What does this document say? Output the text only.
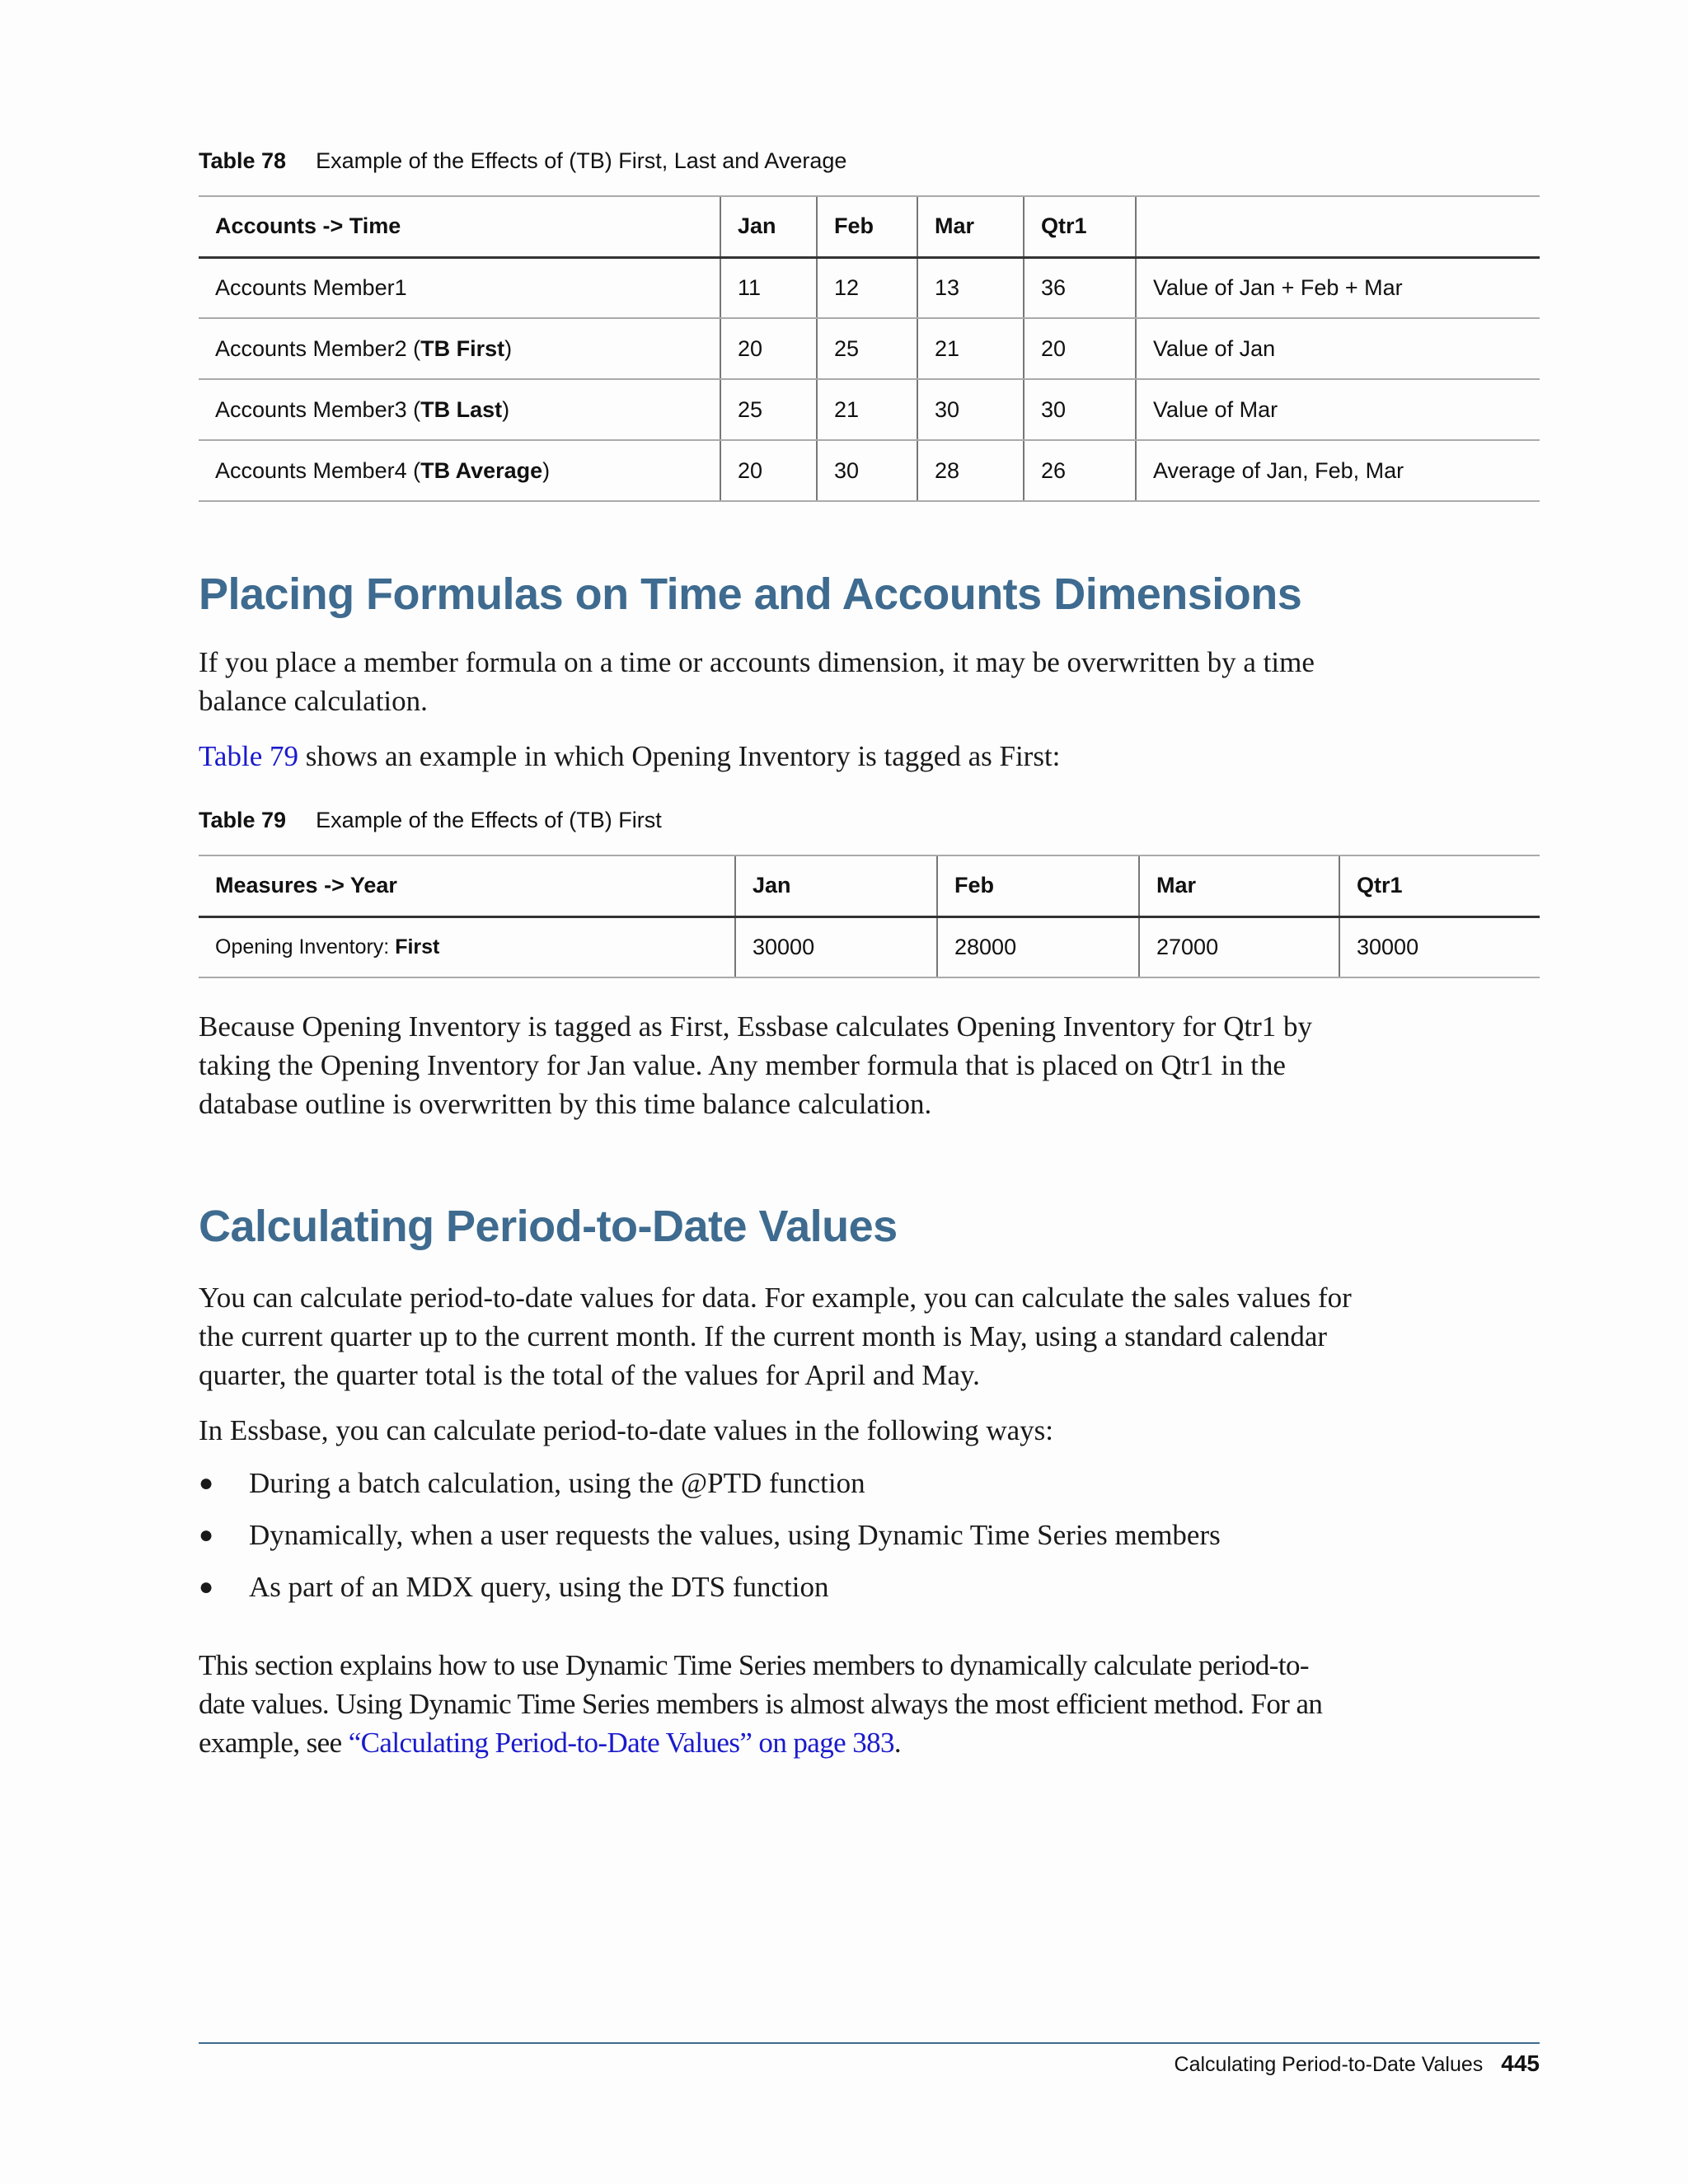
Table 78 Example of the Effects of (TB) First, Last and Average
Accounts -> Time	Jan	Feb	Mar	Qtr1	
Accounts Member1	11	12	13	36	Value of Jan + Feb + Mar
Accounts Member2 (TB First)	20	25	21	20	Value of Jan
Accounts Member3 (TB Last)	25	21	30	30	Value of Mar
Accounts Member4 (TB Average)	20	30	28	26	Average of Jan, Feb, Mar
Placing Formulas on Time and Accounts Dimensions

If you place a member formula on a time or accounts dimension, it may be overwritten by a time balance calculation.

Table 79 shows an example in which Opening Inventory is tagged as First:

Table 79 Example of the Effects of (TB) First
Measures -> Year	Jan	Feb	Mar	Qtr1
Opening Inventory: First	30000	28000	27000	30000

Because Opening Inventory is tagged as First, Essbase calculates Opening Inventory for Qtr1 by taking the Opening Inventory for Jan value. Any member formula that is placed on Qtr1 in the database outline is overwritten by this time balance calculation.

Calculating Period-to-Date Values

You can calculate period-to-date values for data. For example, you can calculate the sales values for the current quarter up to the current month. If the current month is May, using a standard calendar quarter, the quarter total is the total of the values for April and May.

In Essbase, you can calculate period-to-date values in the following ways:

● During a batch calculation, using the @PTD function
● Dynamically, when a user requests the values, using Dynamic Time Series members
● As part of an MDX query, using the DTS function

This section explains how to use Dynamic Time Series members to dynamically calculate period-to-date values. Using Dynamic Time Series members is almost always the most efficient method. For an example, see “Calculating Period-to-Date Values” on page 383.

Calculating Period-to-Date Values 445
